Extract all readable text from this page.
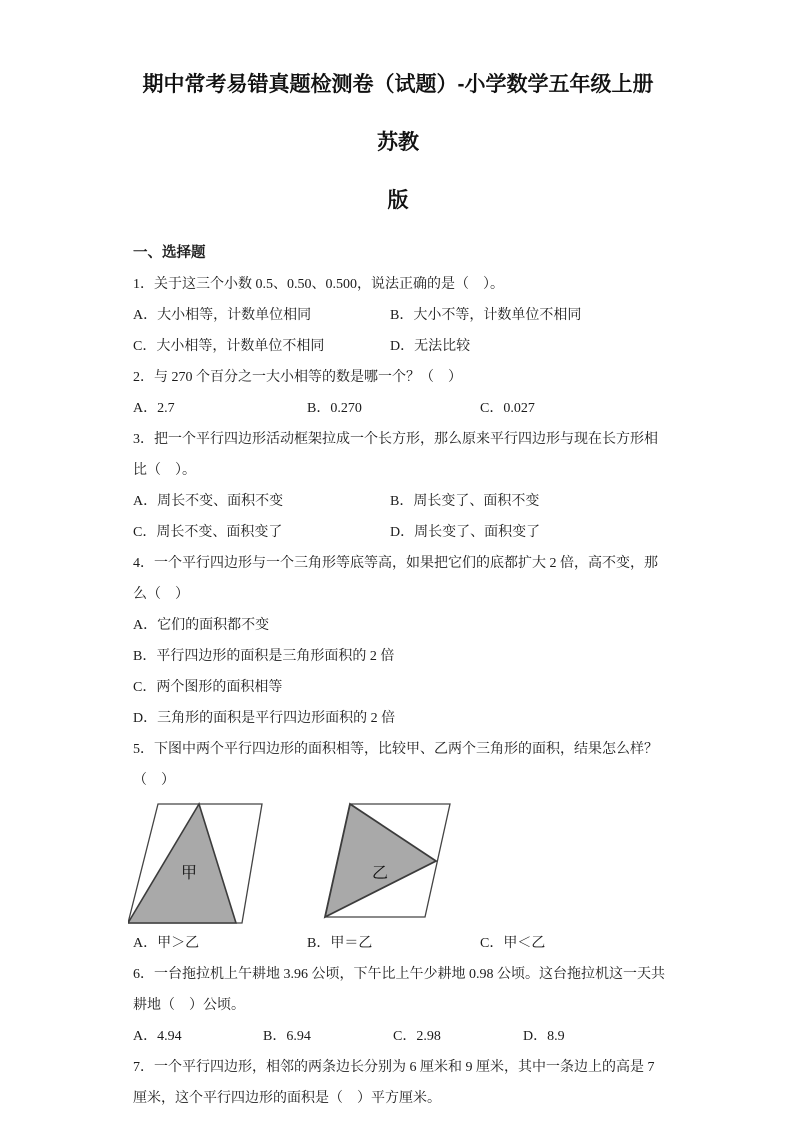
期中常考易错真题检测卷（试题）-小学数学五年级上册苏教
版
一、选择题
1．关于这三个小数 0.5、0.50、0.500，说法正确的是（　）。
A．大小相等，计数单位相同	B．大小不等，计数单位不相同
C．大小相等，计数单位不相同	D．无法比较
2．与 270 个百分之一大小相等的数是哪一个？（　）
A．2.7	B．0.270	C．0.027
3．把一个平行四边形活动框架拉成一个长方形，那么原来平行四边形与现在长方形相
比（　）。
A．周长不变、面积不变	B．周长变了、面积不变
C．周长不变、面积变了	D．周长变了、面积变了
4．一个平行四边形与一个三角形等底等高，如果把它们的底都扩大 2 倍，高不变，那
么（　）
A．它们的面积都不变
B．平行四边形的面积是三角形面积的 2 倍
C．两个图形的面积相等
D．三角形的面积是平行四边形面积的 2 倍
5．下图中两个平行四边形的面积相等，比较甲、乙两个三角形的面积，结果怎么样？
（　）
甲	乙
A．甲＞乙	B．甲＝乙	C．甲＜乙
6．一台拖拉机上午耕地 3.96 公顷，下午比上午少耕地 0.98 公顷。这台拖拉机这一天共
耕地（　）公顷。
A．4.94	B．6.94	C．2.98	D．8.9
7．一个平行四边形，相邻的两条边长分别为 6 厘米和 9 厘米，其中一条边上的高是 7
厘米，这个平行四边形的面积是（　）平方厘米。
